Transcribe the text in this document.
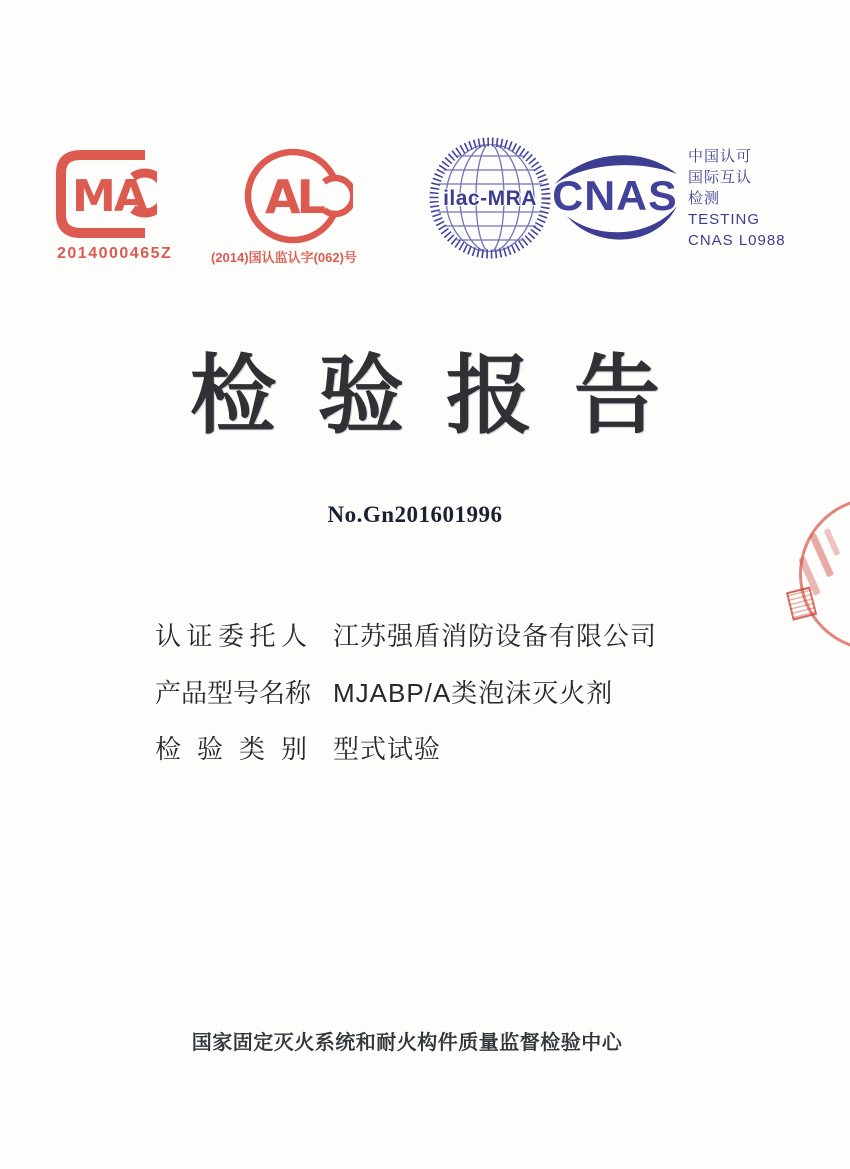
MA
2014000465Z
AL
(2014)国认监认字(062)号
ilac-MRA CNAS
中国认可
国际互认
检测
TESTING
CNAS L0988
检验报告
No.Gn201601996
认证委托人 江苏强盾消防设备有限公司
产品型号名称 MJABP/A类泡沫灭火剂
检验类别 型式试验
国家固定灭火系统和耐火构件质量监督检验中心
